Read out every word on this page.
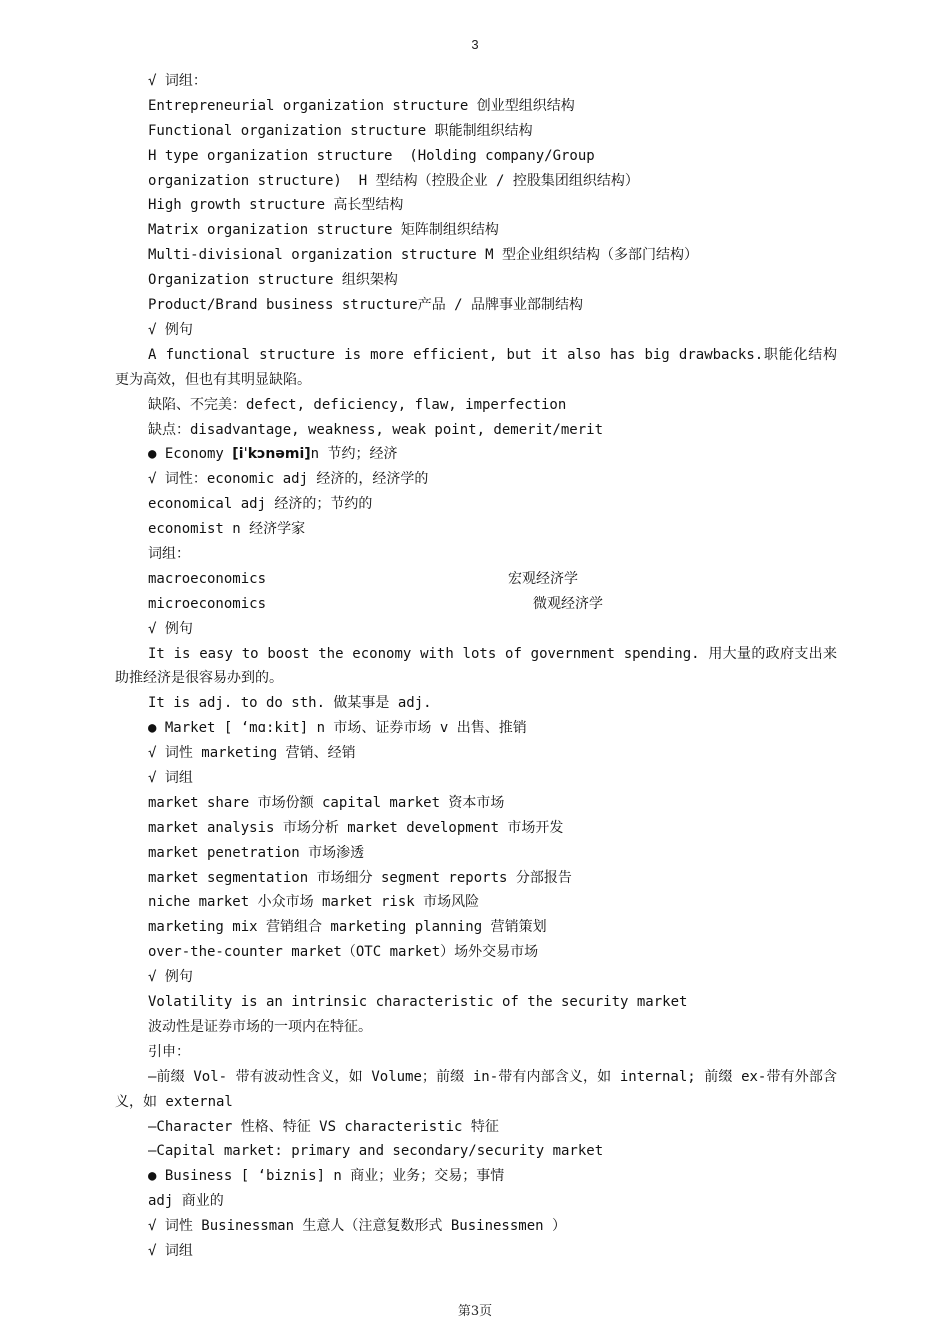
3
√ 词组：
Entrepreneurial organization structure 创业型组织结构
Functional organization structure 职能制组织结构
H type organization structure  (Holding company/Group
organization structure)  H 型结构（控股企业 / 控股集团组织结构）
High growth structure 高长型结构
Matrix organization structure 矩阵制组织结构
Multi-divisional organization structure M 型企业组织结构（多部门结构）
Organization structure 组织架构
Product/Brand business structure产品 / 品牌事业部制结构
√ 例句
A functional structure is more efficient, but it also has big drawbacks.职能化结构更为高效，但也有其明显缺陷。
缺陷、不完美：defect, deficiency, flaw, imperfection
缺点：disadvantage, weakness, weak point, demerit/merit
● Economy [iˈkɔnəmi]n 节约；经济
√ 词性：economic adj 经济的，经济学的
economical adj 经济的；节约的
economist n 经济学家
词组：
macroeconomics	宏观经济学
microeconomics	微观经济学
√ 例句
It is easy to boost the economy with lots of government spending. 用大量的政府支出来助推经济是很容易办到的。
It is adj. to do sth. 做某事是 adj.
● Market [ ‘mɑ:kit] n 市场、证券市场 v 出售、推销
√ 词性 marketing 营销、经销
√ 词组
market share 市场份额 capital market 资本市场
market analysis 市场分析 market development 市场开发
market penetration 市场渗透
market segmentation 市场细分 segment reports 分部报告
niche market 小众市场 market risk 市场风险
marketing mix 营销组合 marketing planning 营销策划
over-the-counter market（OTC market）场外交易市场
√ 例句
Volatility is an intrinsic characteristic of the security market
波动性是证券市场的一项内在特征。
引申：
—前缀 Vol- 带有波动性含义，如 Volume；前缀 in-带有内部含义，如 internal; 前缀 ex-带有外部含义，如 external
—Character 性格、特征 VS characteristic 特征
—Capital market: primary and secondary/security market
● Business [ ‘biznis] n 商业；业务；交易；事情
adj 商业的
√ 词性 Businessman 生意人（注意复数形式 Businessmen ）
√ 词组
第3页
